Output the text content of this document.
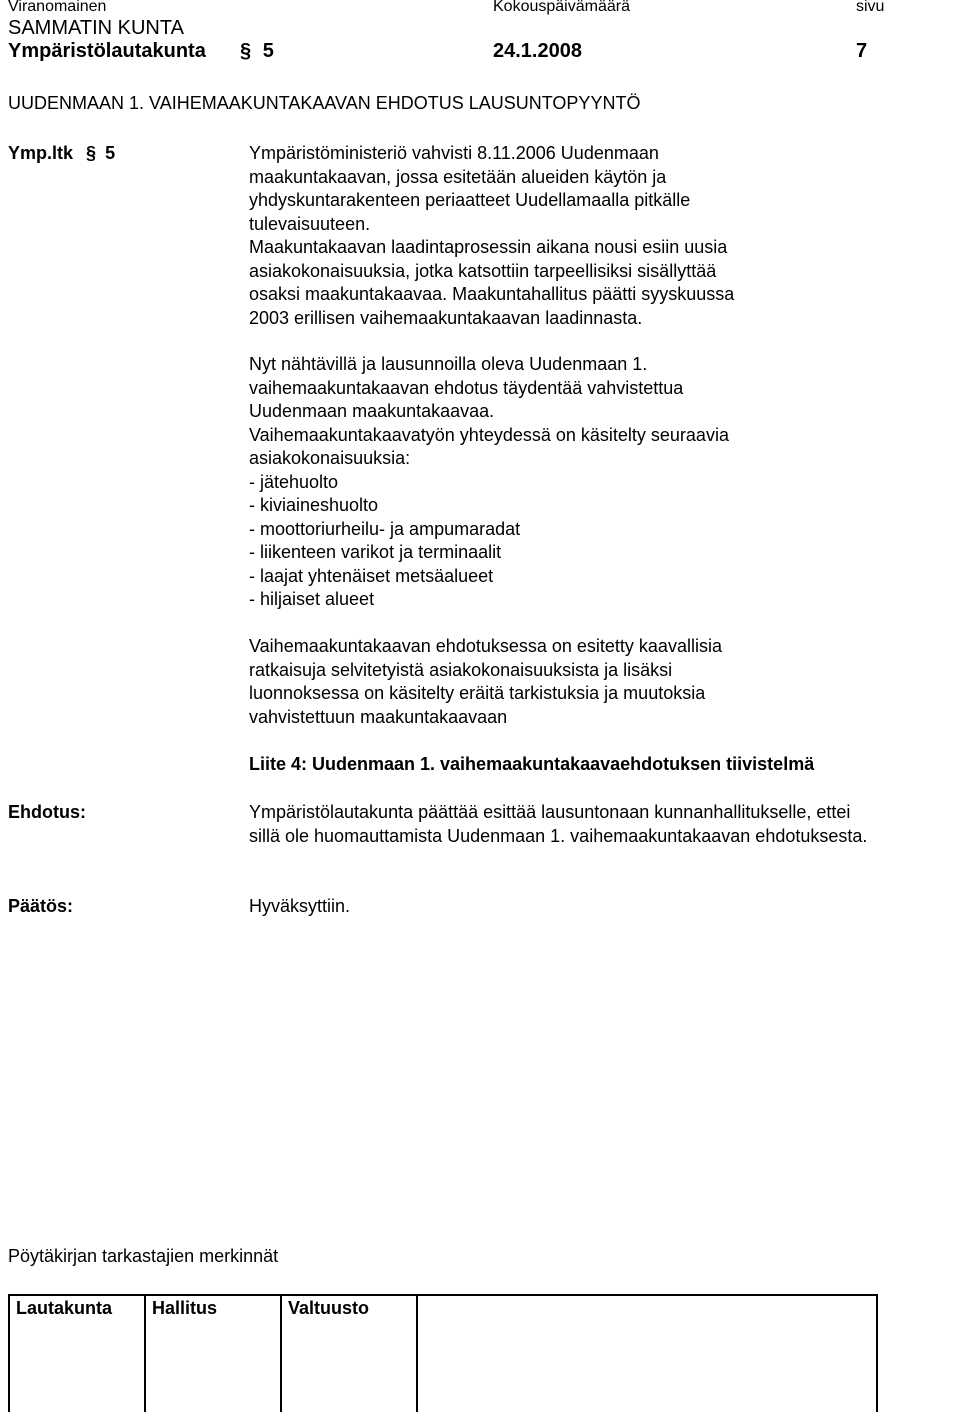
Viranomainen	Kokouspäivämäärä	sivu
SAMMATIN KUNTA
Ympäristölautakunta § 5	24.1.2008	7
UUDENMAAN 1. VAIHEMAAKUNTAKAAVAN EHDOTUS LAUSUNTOPYYNTÖ
Ymp.ltk § 5	Ympäristöministeriö vahvisti 8.11.2006 Uudenmaan
maakuntakaavan, jossa esitetään alueiden käytön ja
yhdyskuntarakenteen periaatteet Uudellamaalla pitkälle
tulevaisuuteen.
Maakuntakaavan laadintaprosessin aikana nousi esiin uusia
asiakokonaisuuksia, jotka katsottiin tarpeellisiksi sisällyttää
osaksi maakuntakaavaa. Maakuntahallitus päätti syyskuussa
2003 erillisen vaihemaakuntakaavan laadinnasta.
Nyt nähtävillä ja lausunnoilla oleva Uudenmaan 1.
vaihemaakuntakaavan ehdotus täydentää vahvistettua
Uudenmaan maakuntakaavaa.
Vaihemaakuntakaavatyön yhteydessä on käsitelty seuraavia
asiakokonaisuuksia:
- jätehuolto
- kiviaineshuolto
- moottoriurheilu- ja ampumaradat
- liikenteen varikot ja terminaalit
- laajat yhtenäiset metsäalueet
- hiljaiset alueet
Vaihemaakuntakaavan ehdotuksessa on esitetty kaavallisia
ratkaisuja selvitetyistä asiakokonaisuuksista ja lisäksi
luonnoksessa on käsitelty eräitä tarkistuksia ja muutoksia
vahvistettuun maakuntakaavaan
Liite 4: Uudenmaan 1. vaihemaakuntakaavaehdotuksen tiivistelmä
Ehdotus:	Ympäristölautakunta päättää esittää lausuntonaan kunnanhallitukselle, ettei
sillä ole huomauttamista Uudenmaan 1. vaihemaakuntakaavan ehdotuksesta.
Päätös:	Hyväksyttiin.
Pöytäkirjan tarkastajien merkinnät
Lautakunta	Hallitus	Valtuusto	
